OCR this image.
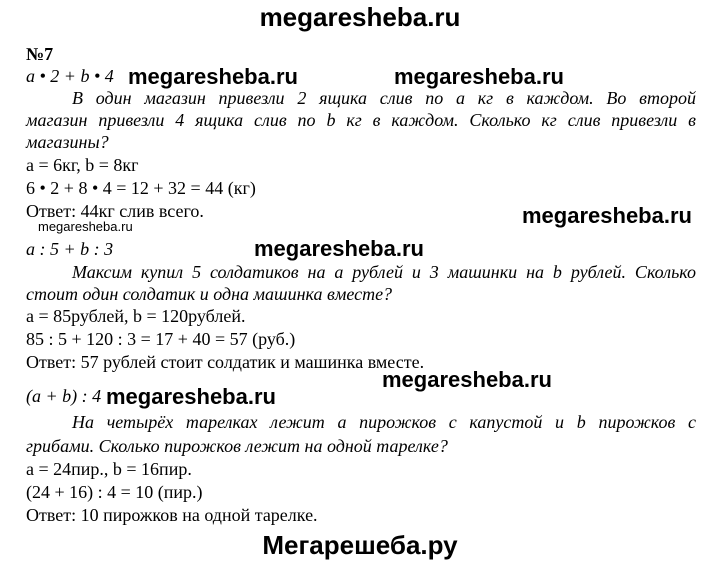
megaresheba.ru
№7
a • 2 + b • 4 megaresheba.ru	megaresheba.ru
В один магазин привезли 2 ящика слив по a кг в каждом. Во второй
магазин привезли 4 ящика слив по b кг в каждом. Сколько кг слив привезли в
магазины?
a = 6кг, b = 8кг
6 • 2 + 8 • 4 = 12 + 32 = 44 (кг)
Ответ: 44кг слив всего.	megaresheba.ru
megaresheba.ru
a : 5 + b : 3	megaresheba.ru
Максим купил 5 солдатиков на a рублей и 3 машинки на b рублей. Сколько
стоит один солдатик и одна машинка вместе?
a = 85рублей, b = 120рублей.
85 : 5 + 120 : 3 = 17 + 40 = 57 (руб.)
Ответ: 57 рублей стоит солдатик и машинка вместе.
megaresheba.ru
(a + b) : 4 megaresheba.ru
На четырёх тарелках лежит a пирожков с капустой и b пирожков с
грибами. Сколько пирожков лежит на одной тарелке?
a = 24пир., b = 16пир.
(24 + 16) : 4 = 10 (пир.)
Ответ: 10 пирожков на одной тарелке.
Мегарешеба.ру
